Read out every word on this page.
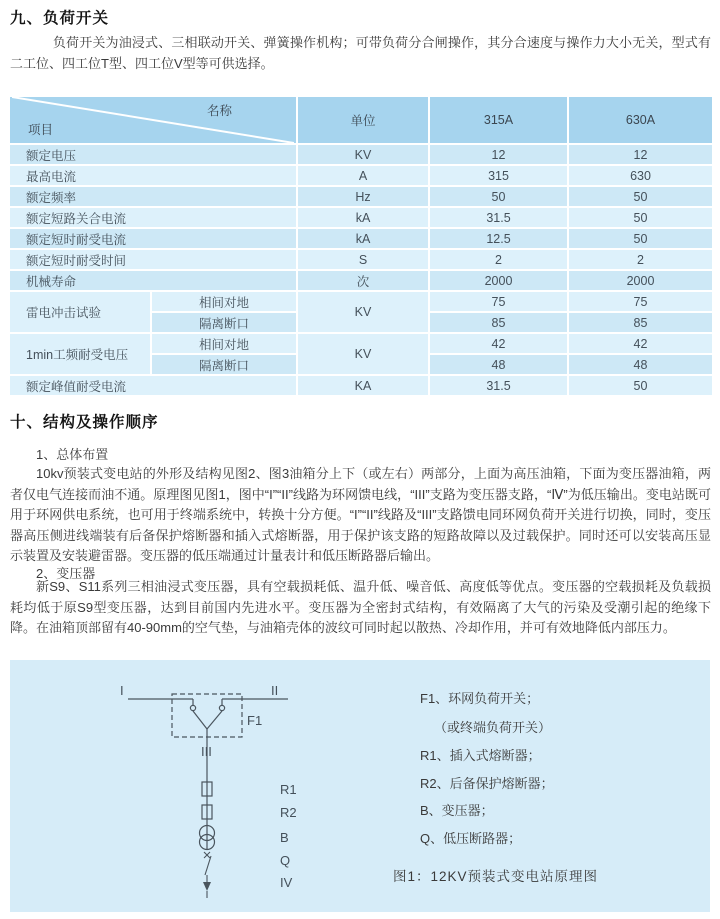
九、负荷开关

负荷开关为油浸式、三相联动开关、弹簧操作机构；可带负荷分合闸操作，其分合速度与操作力大小无关，型式有二工位、四工位T型、四工位V型等可供选择。

名称
项目		单位	315A	630A
额定电压		KV	12	12
最高电流		A	315	630
额定频率		Hz	50	50
额定短路关合电流		kA	31.5	50
额定短时耐受电流		kA	12.5	50
额定短时耐受时间		S	2	2
机械寿命		次	2000	2000
雷电冲击试验	相间对地	KV	75	75
	隔离断口		85	85
1min工频耐受电压	相间对地	KV	42	42
	隔离断口		48	48
额定峰值耐受电流		KA	31.5	50
十、结构及操作顺序

1、总体布置

10kv预装式变电站的外形及结构见图2、图3油箱分上下（或左右）两部分，上面为高压油箱，下面为变压器油箱，两者仅电气连接而油不通。原理图见图1，图中“I”“II”线路为环网馈电线，“III”支路为变压器支路，“Ⅳ”为低压输出。变电站既可用于环网供电系统，也可用于终端系统中，转换十分方便。“I”“II”线路及“III”支路馈电同环网负荷开关进行切换，同时，变压器高压侧进线端装有后备保护熔断器和插入式熔断器，用于保护该支路的短路故障以及过载保护。同时还可以安装高压显示装置及安装避雷器。变压器的低压端通过计量表计和低压断路器后输出。

2、变压器

新S9、S11系列三相油浸式变压器，具有空载损耗低、温升低、噪音低、高度低等优点。变压器的空载损耗及负载损耗均低于原S9型变压器，达到目前国内先进水平。变压器为全密封式结构，有效隔离了大气的污染及受潮引起的绝缘下降。在油箱顶部留有40-90mm的空气垫，与油箱壳体的波纹可同时起以散热、冷却作用，并可有效地降低内部压力。

I	II
F1
III
R1
R2
B
Q
IV
F1、环网负荷开关；
（或终端负荷开关）
R1、插入式熔断器；
R2、后备保护熔断器；
B、变压器；
Q、低压断路器；
图1：12KV预装式变电站原理图
